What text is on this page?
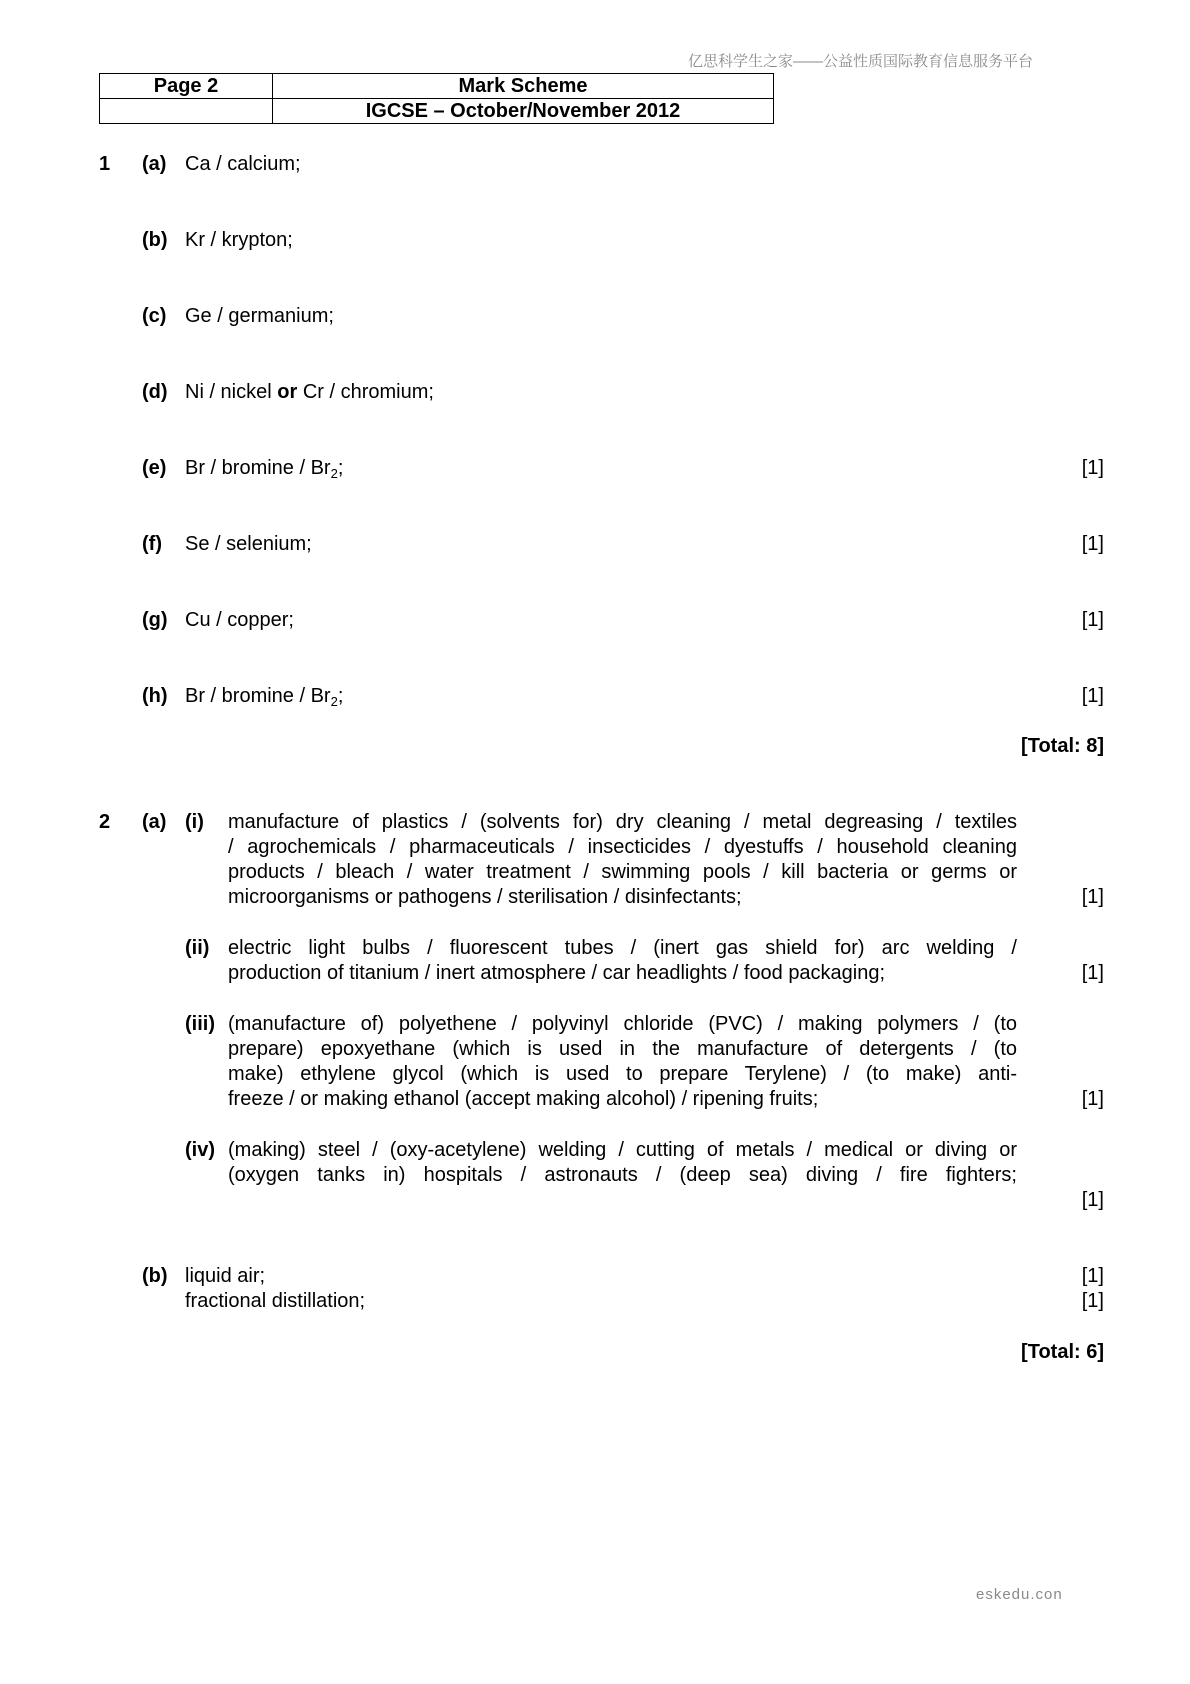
亿思科学生之家——公益性质国际教育信息服务平台
eskedu.con
Page 2	Mark Scheme
	IGCSE – October/November 2012
1 (a) Ca / calcium;
(b) Kr / krypton;
(c) Ge / germanium;
(d) Ni / nickel or Cr / chromium;
(e) Br / bromine / $Br_2$;	[1]
(f) Se / selenium;	[1]
(g) Cu / copper;	[1]
(h) Br / bromine / $Br_2$;	[1]
[Total: 8]
2 (a) (i) manufacture of plastics / (solvents for) dry cleaning / metal degreasing / textiles
/ agrochemicals / pharmaceuticals / insecticides / dyestuffs / household cleaning
products / bleach / water treatment / swimming pools / kill bacteria or germs or
microorganisms or pathogens / sterilisation / disinfectants;	[1]
(ii) electric light bulbs / fluorescent tubes / (inert gas shield for) arc welding /
production of titanium / inert atmosphere / car headlights / food packaging;	[1]
(iii) (manufacture of) polyethene / polyvinyl chloride (PVC) / making polymers / (to
prepare) epoxyethane (which is used in the manufacture of detergents / (to
make) ethylene glycol (which is used to prepare Terylene) / (to make) anti-
freeze / or making ethanol (accept making alcohol) / ripening fruits;	[1]
(iv) (making) steel / (oxy-acetylene) welding / cutting of metals / medical or diving or
(oxygen tanks in) hospitals / astronauts / (deep sea) diving / fire fighters;
[1]
(b) liquid air;	[1]
fractional distillation;	[1]
[Total: 6]
